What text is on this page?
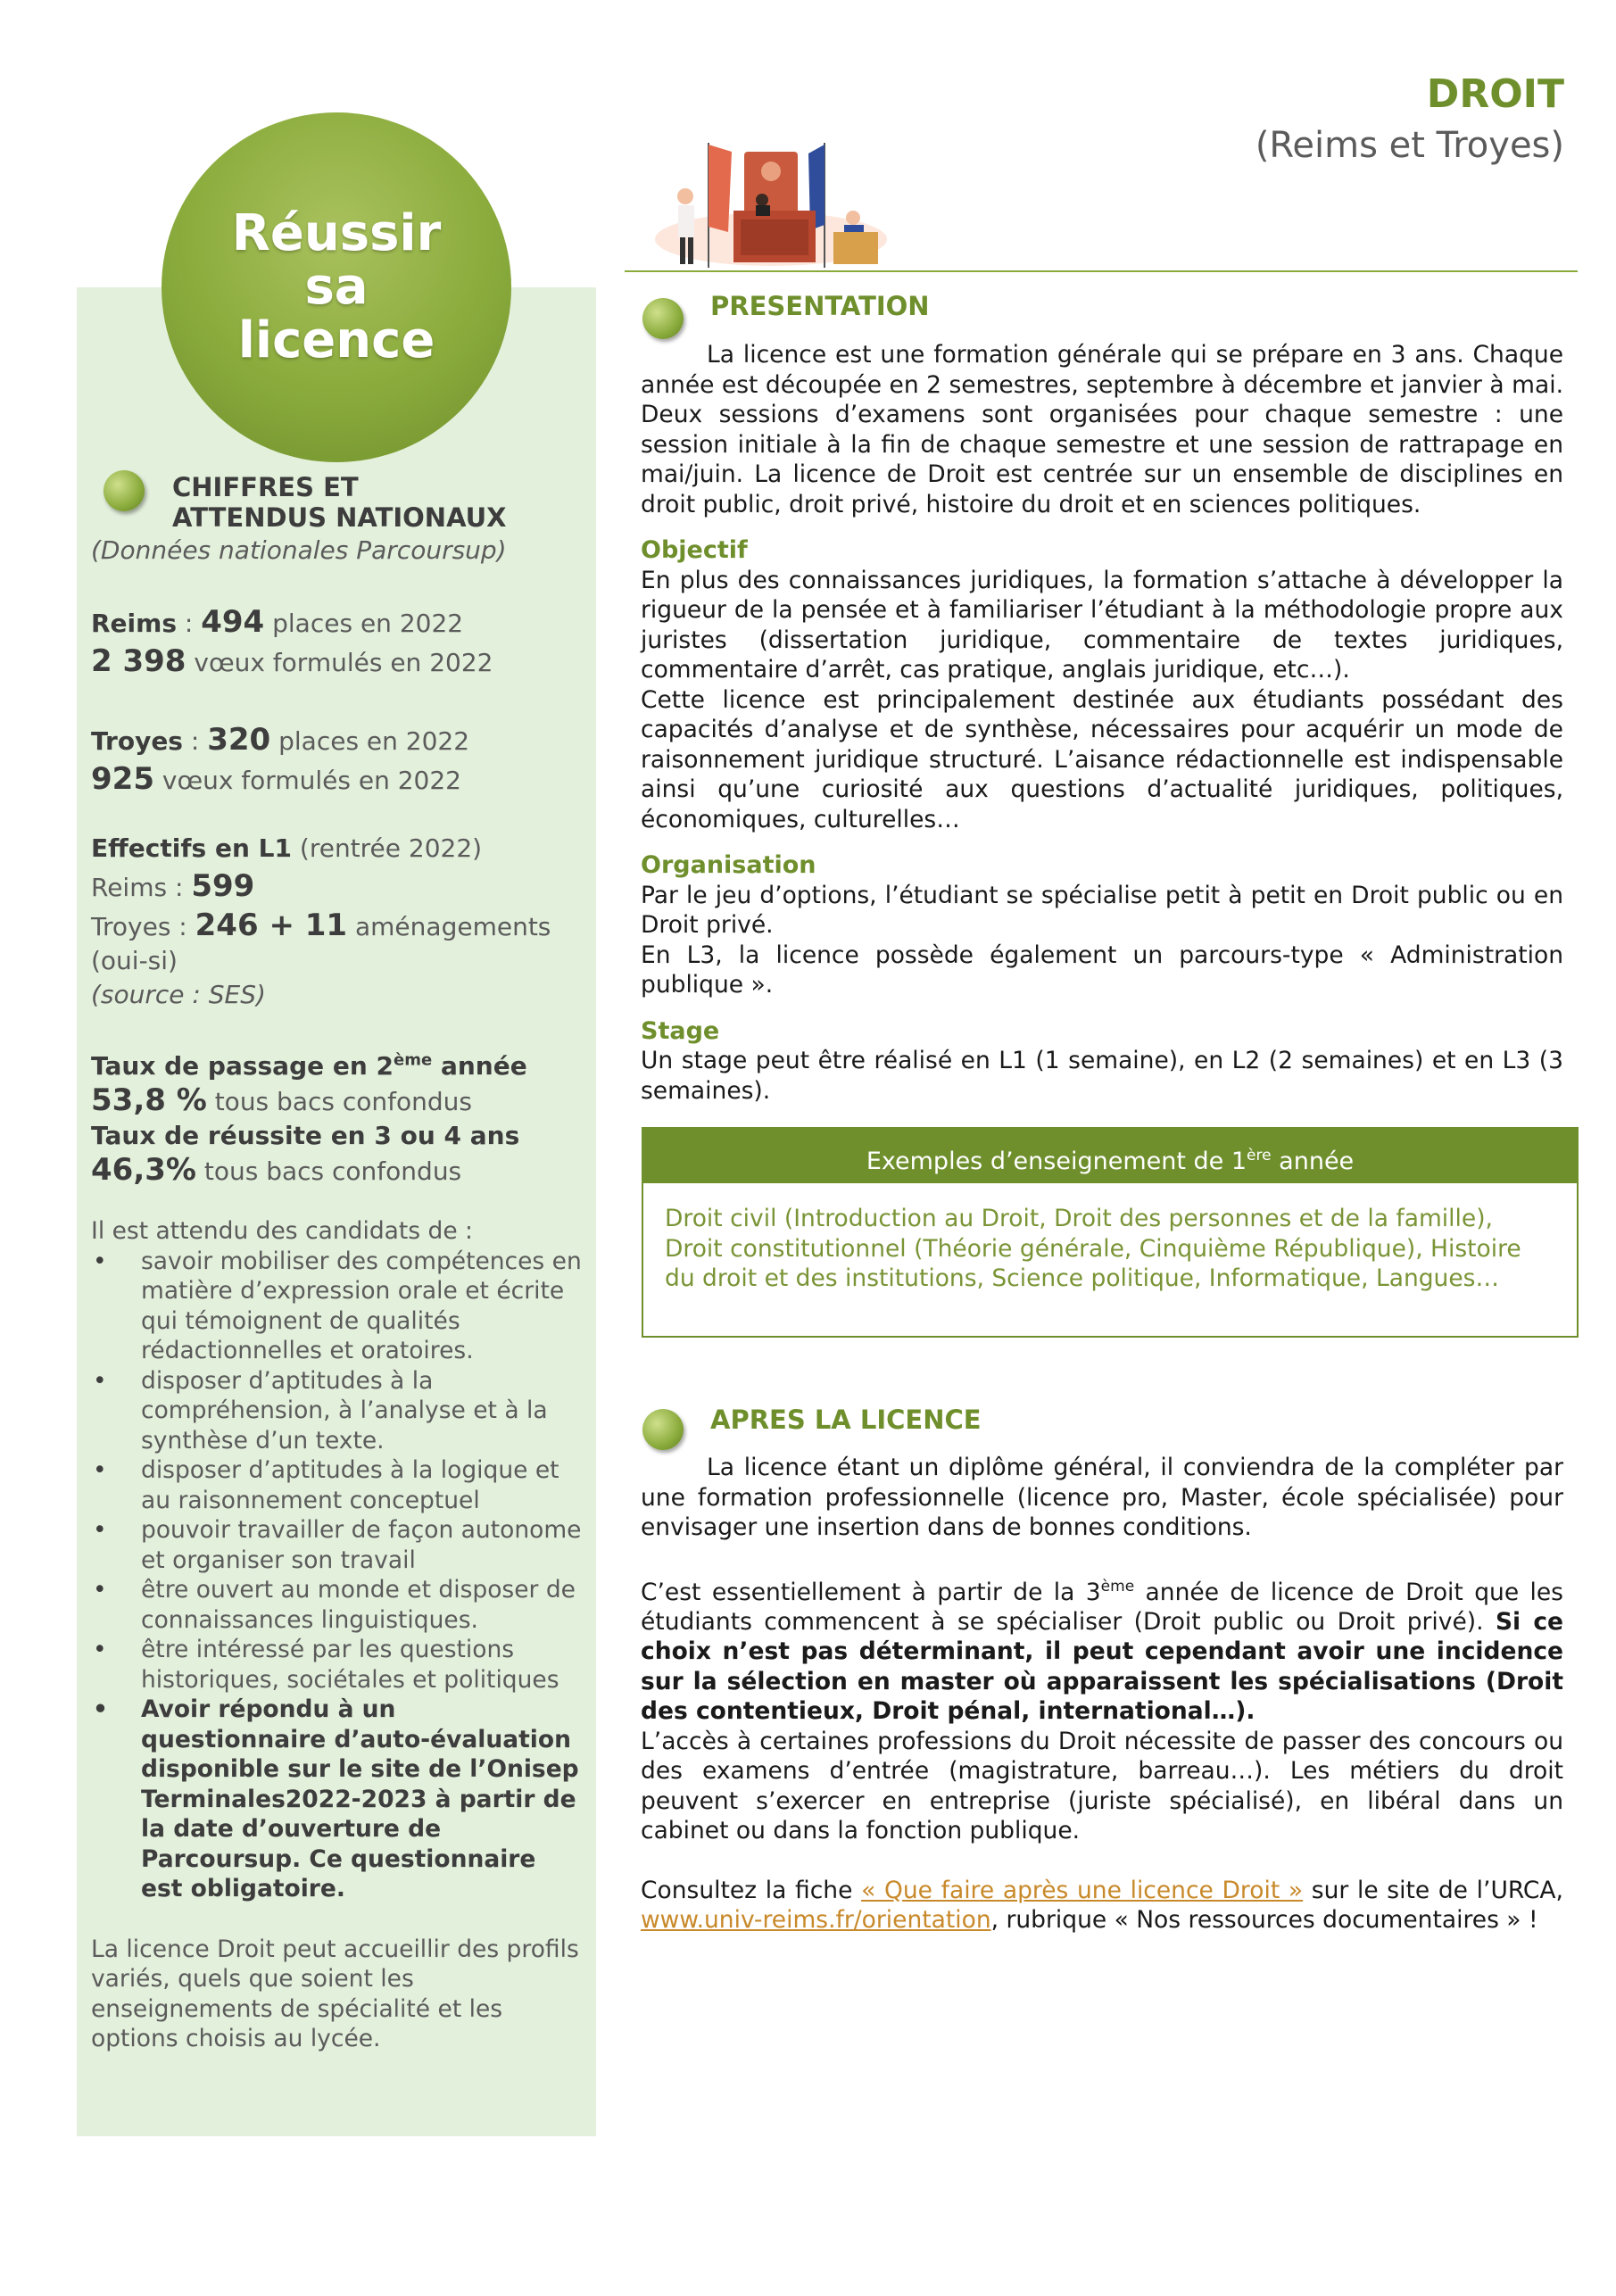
DROIT
(Reims et Troyes)
Réussir sa licence
CHIFFRES ET
ATTENDUS NATIONAUX
(Données nationales Parcoursup)
Reims : 494 places en 2022
2 398 vœux formulés en 2022
Troyes : 320 places en 2022
925 vœux formulés en 2022
Effectifs en L1 (rentrée 2022)
Reims : 599
Troyes : 246 + 11 aménagements
(oui-si)
(source : SES)
Taux de passage en 2ème année
53,8 % tous bacs confondus
Taux de réussite en 3 ou 4 ans
46,3% tous bacs confondus
Il est attendu des candidats de :
• savoir mobiliser des compétences en matière d’expression orale et écrite qui témoignent de qualités rédactionnelles et oratoires.
• disposer d’aptitudes à la compréhension, à l’analyse et à la synthèse d’un texte.
• disposer d’aptitudes à la logique et au raisonnement conceptuel
• pouvoir travailler de façon autonome et organiser son travail
• être ouvert au monde et disposer de connaissances linguistiques.
• être intéressé par les questions historiques, sociétales et politiques
• Avoir répondu à un questionnaire d’auto-évaluation disponible sur le site de l’Onisep Terminales2022-2023 à partir de la date d’ouverture de Parcoursup. Ce questionnaire est obligatoire.
La licence Droit peut accueillir des profils variés, quels que soient les enseignements de spécialité et les options choisis au lycée.
PRESENTATION

La licence est une formation générale qui se prépare en 3 ans. Chaque année est découpée en 2 semestres, septembre à décembre et janvier à mai. Deux sessions d’examens sont organisées pour chaque semestre : une session initiale à la fin de chaque semestre et une session de rattrapage en mai/juin. La licence de Droit est centrée sur un ensemble de disciplines en droit public, droit privé, histoire du droit et en sciences politiques.

Objectif

En plus des connaissances juridiques, la formation s’attache à développer la rigueur de la pensée et à familiariser l’étudiant à la méthodologie propre aux juristes (dissertation juridique, commentaire de textes juridiques, commentaire d’arrêt, cas pratique, anglais juridique, etc…).

Cette licence est principalement destinée aux étudiants possédant des capacités d’analyse et de synthèse, nécessaires pour acquérir un mode de raisonnement juridique structuré. L’aisance rédactionnelle est indispensable ainsi qu’une curiosité aux questions d’actualité juridiques, politiques, économiques, culturelles…

Organisation

Par le jeu d’options, l’étudiant se spécialise petit à petit en Droit public ou en Droit privé.

En L3, la licence possède également un parcours-type « Administration publique ».

Stage

Un stage peut être réalisé en L1 (1 semaine), en L2 (2 semaines) et en L3 (3 semaines).

Exemples d’enseignement de 1ère année
Droit civil (Introduction au Droit, Droit des personnes et de la famille), Droit constitutionnel (Théorie générale, Cinquième République), Histoire du droit et des institutions, Science politique, Informatique, Langues…
APRES LA LICENCE

La licence étant un diplôme général, il conviendra de la compléter par une formation professionnelle (licence pro, Master, école spécialisée) pour envisager une insertion dans de bonnes conditions.

C’est essentiellement à partir de la 3ème année de licence de Droit que les étudiants commencent à se spécialiser (Droit public ou Droit privé). Si ce choix n’est pas déterminant, il peut cependant avoir une incidence sur la sélection en master où apparaissent les spécialisations (Droit des contentieux, Droit pénal, international…).

L’accès à certaines professions du Droit nécessite de passer des concours ou des examens d’entrée (magistrature, barreau…). Les métiers du droit peuvent s’exercer en entreprise (juriste spécialisé), en libéral dans un cabinet ou dans la fonction publique.

Consultez la fiche « Que faire après une licence Droit » sur le site de l’URCA, www.univ-reims.fr/orientation, rubrique « Nos ressources documentaires » !
